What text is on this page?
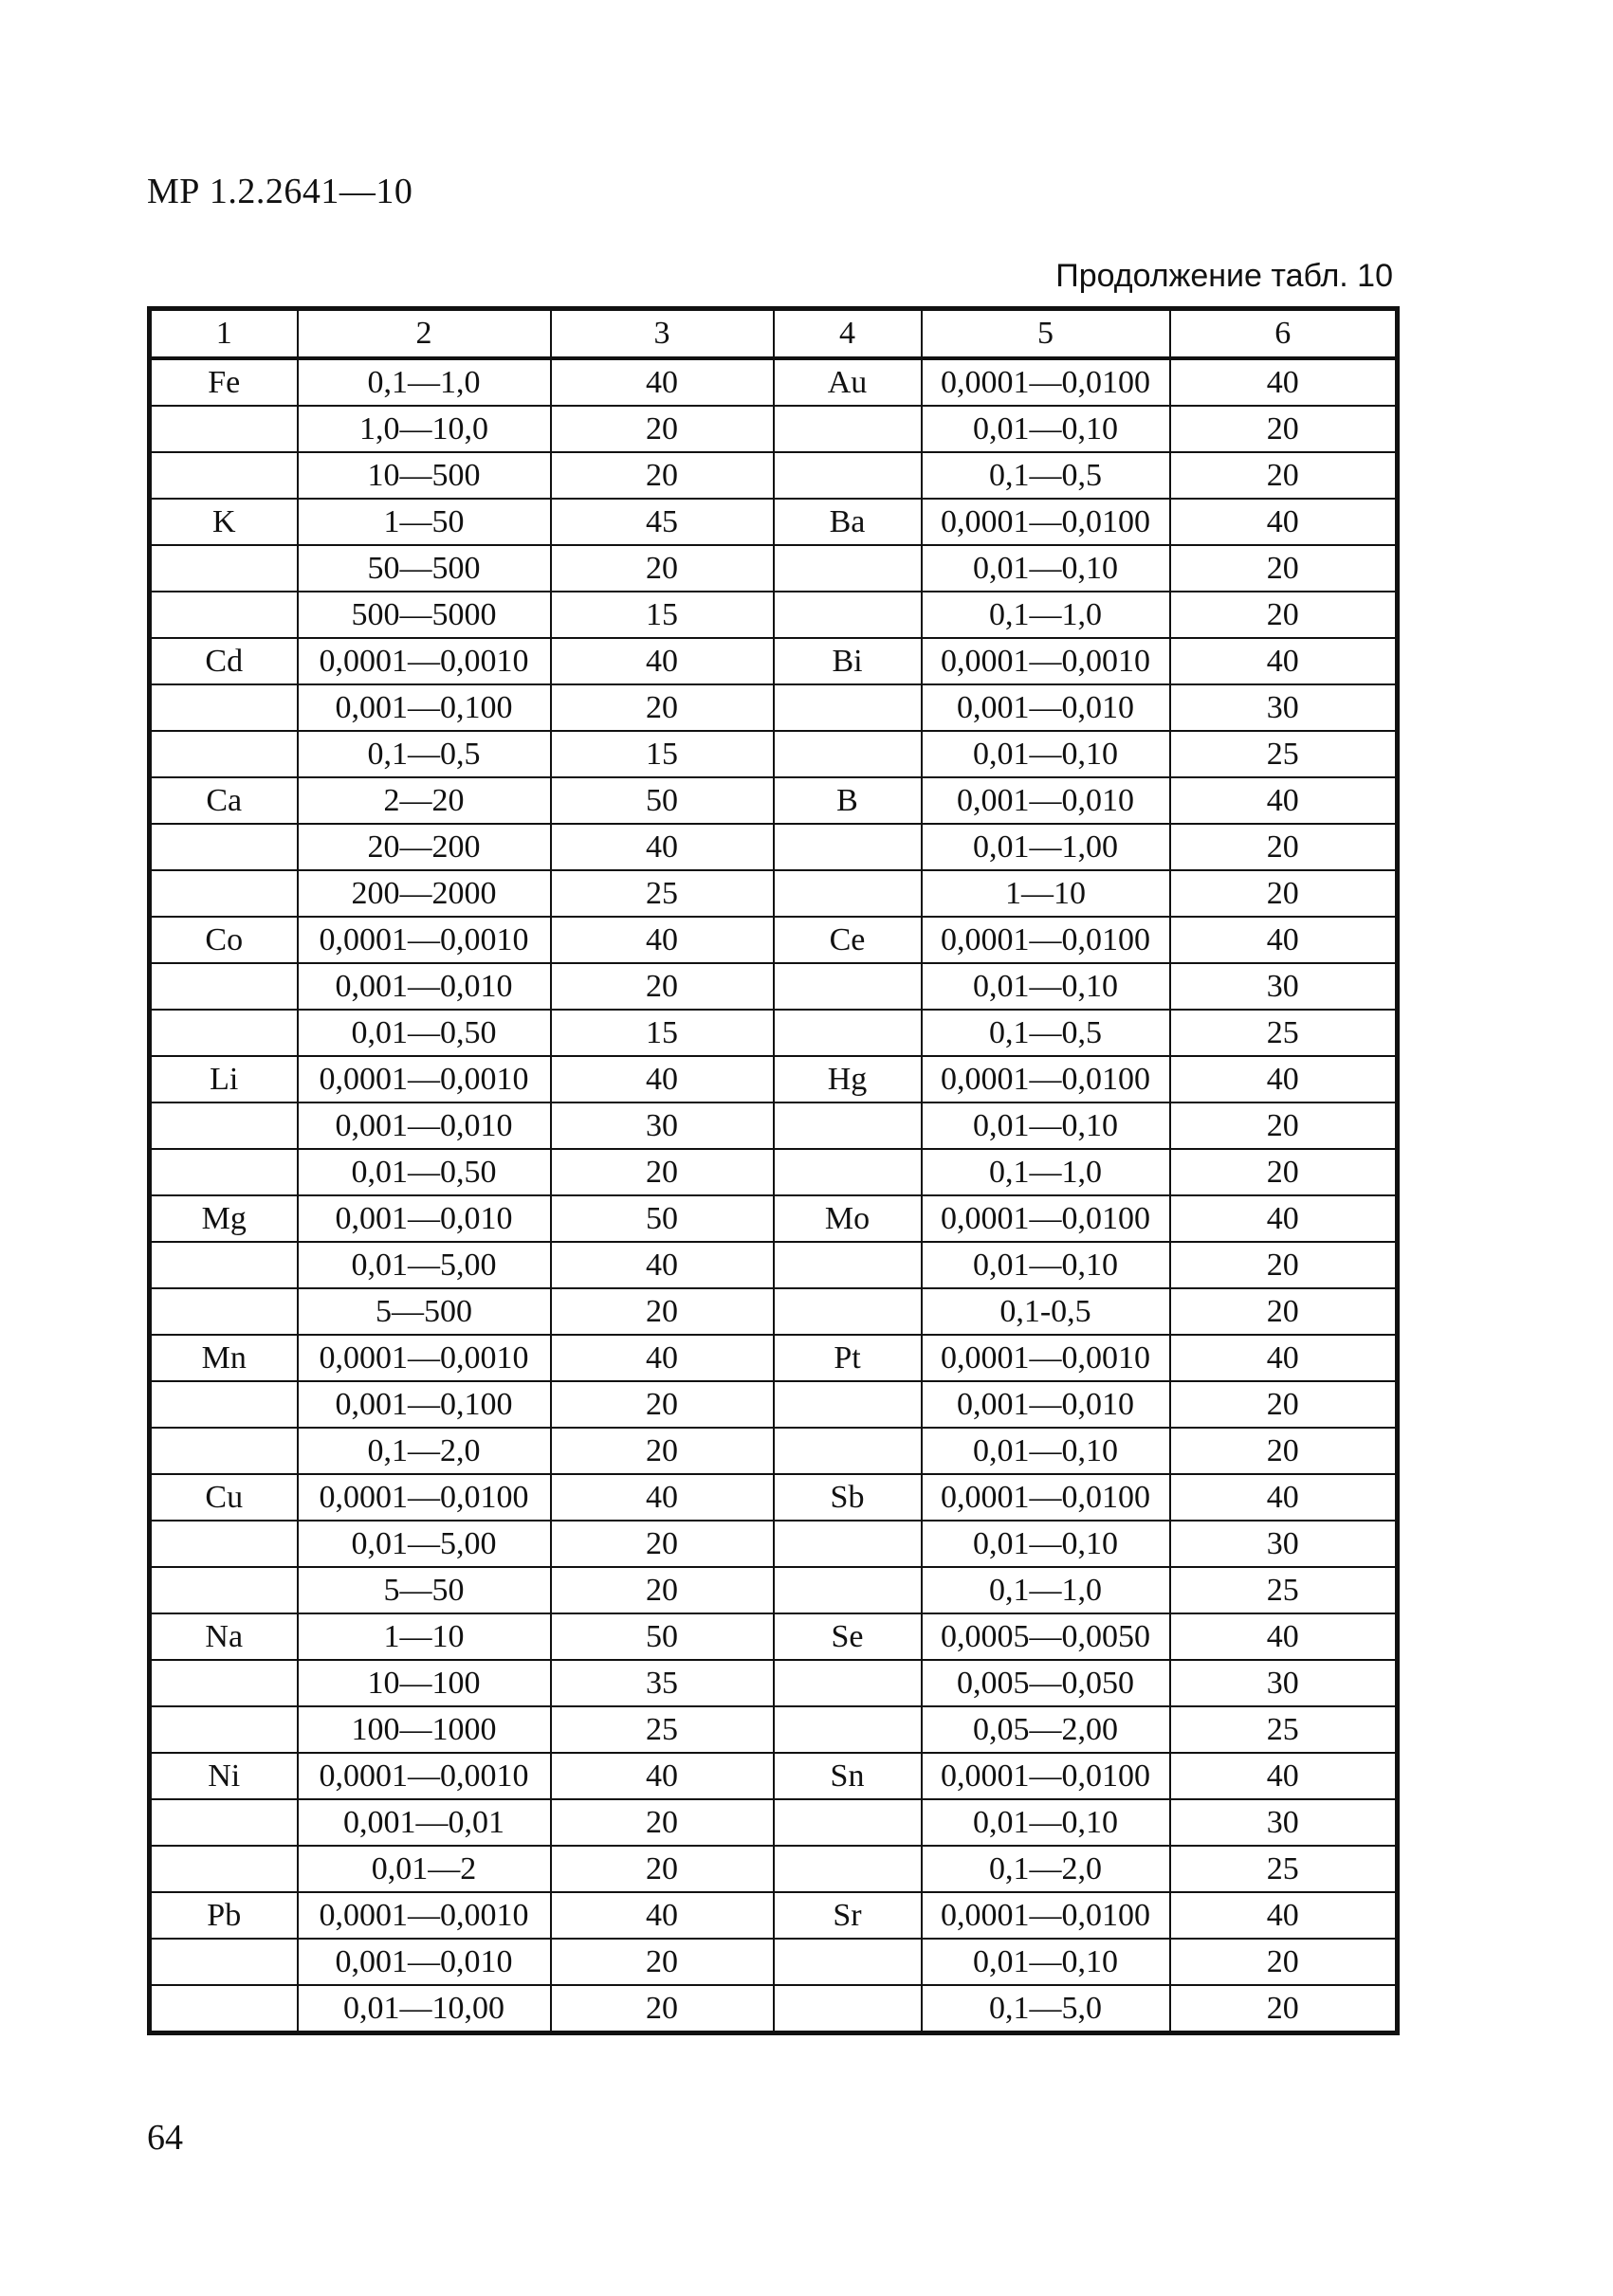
МР 1.2.2641—10
Продолжение табл. 10
1	2	3	4	5	6
Fe	0,1—1,0	40	Au	0,0001—0,0100	40
	1,0—10,0	20		0,01—0,10	20
	10—500	20		0,1—0,5	20
K	1—50	45	Ba	0,0001—0,0100	40
	50—500	20		0,01—0,10	20
	500—5000	15		0,1—1,0	20
Cd	0,0001—0,0010	40	Bi	0,0001—0,0010	40
	0,001—0,100	20		0,001—0,010	30
	0,1—0,5	15		0,01—0,10	25
Ca	2—20	50	B	0,001—0,010	40
	20—200	40		0,01—1,00	20
	200—2000	25		1—10	20
Co	0,0001—0,0010	40	Ce	0,0001—0,0100	40
	0,001—0,010	20		0,01—0,10	30
	0,01—0,50	15		0,1—0,5	25
Li	0,0001—0,0010	40	Hg	0,0001—0,0100	40
	0,001—0,010	30		0,01—0,10	20
	0,01—0,50	20		0,1—1,0	20
Mg	0,001—0,010	50	Mo	0,0001—0,0100	40
	0,01—5,00	40		0,01—0,10	20
	5—500	20		0,1-0,5	20
Mn	0,0001—0,0010	40	Pt	0,0001—0,0010	40
	0,001—0,100	20		0,001—0,010	20
	0,1—2,0	20		0,01—0,10	20
Cu	0,0001—0,0100	40	Sb	0,0001—0,0100	40
	0,01—5,00	20		0,01—0,10	30
	5—50	20		0,1—1,0	25
Na	1—10	50	Se	0,0005—0,0050	40
	10—100	35		0,005—0,050	30
	100—1000	25		0,05—2,00	25
Ni	0,0001—0,0010	40	Sn	0,0001—0,0100	40
	0,001—0,01	20		0,01—0,10	30
	0,01—2	20		0,1—2,0	25
Pb	0,0001—0,0010	40	Sr	0,0001—0,0100	40
	0,001—0,010	20		0,01—0,10	20
	0,01—10,00	20		0,1—5,0	20
64
